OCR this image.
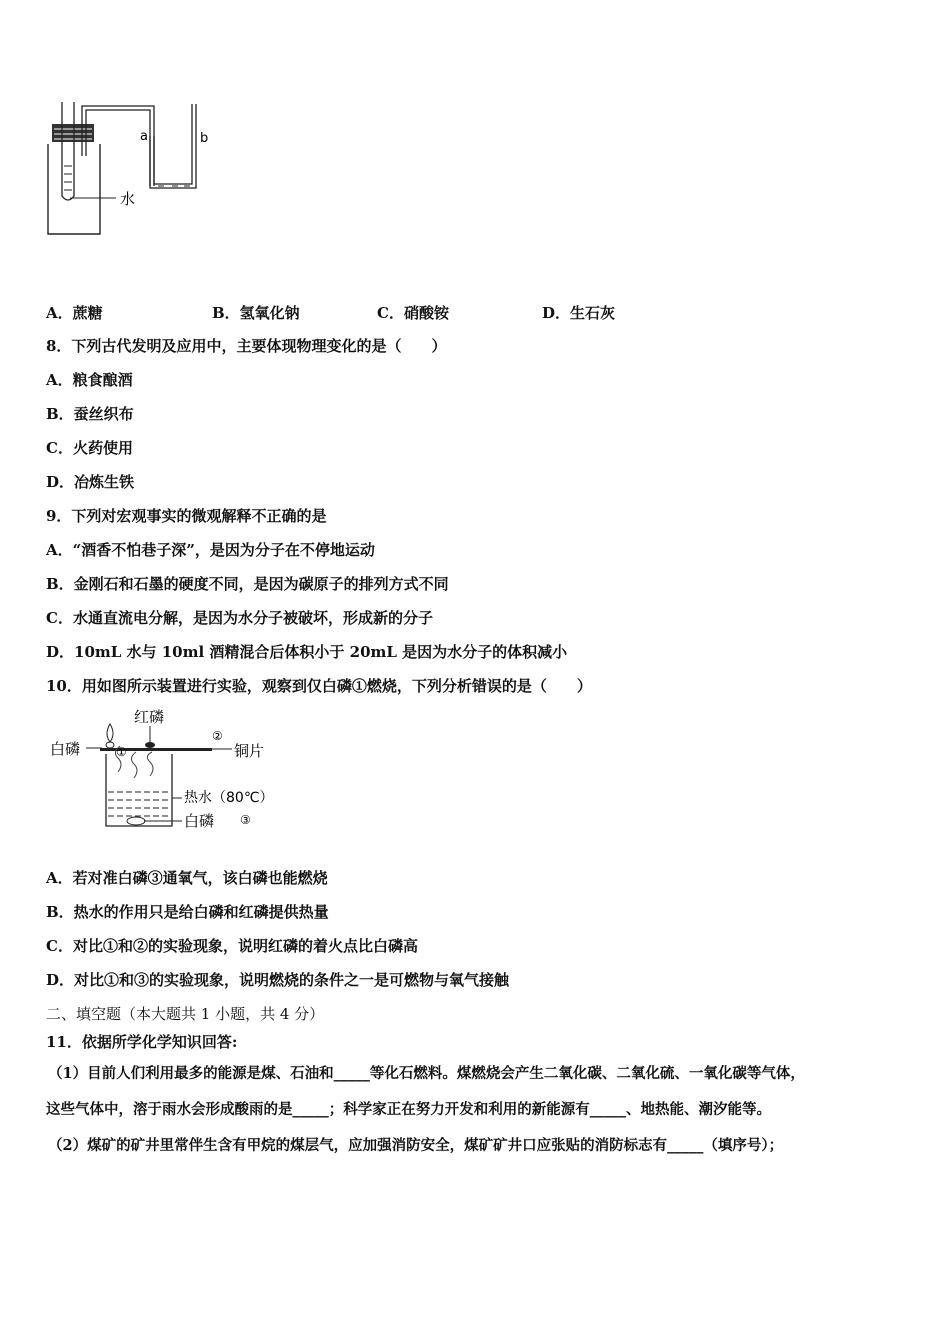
a	b
水
A．蔗糖	B．氢氧化钠	C．硝酸铵	D．生石灰
8．下列古代发明及应用中，主要体现物理变化的是（　　）
A．粮食酿酒
B．蚕丝织布
C．火药使用
D．冶炼生铁
9．下列对宏观事实的微观解释不正确的是
A．“酒香不怕巷子深”，是因为分子在不停地运动
B．金刚石和石墨的硬度不同，是因为碳原子的排列方式不同
C．水通直流电分解，是因为水分子被破坏，形成新的分子
D．10mL 水与 10ml 酒精混合后体积小于 20mL 是因为水分子的体积减小
10．用如图所示装置进行实验，观察到仅白磷①燃烧，下列分析错误的是（　　）
红磷
白磷	①
②
铜片
热水（80℃）
白磷 ③
A．若对准白磷③通氧气，该白磷也能燃烧
B．热水的作用只是给白磷和红磷提供热量
C．对比①和②的实验现象，说明红磷的着火点比白磷高
D．对比①和③的实验现象，说明燃烧的条件之一是可燃物与氧气接触
二、填空题（本大题共 1 小题，共 4 分）
11．依据所学化学知识回答:
（1）目前人们利用最多的能源是煤、石油和_____等化石燃料。煤燃烧会产生二氧化碳、二氧化硫、一氧化碳等气体，
这些气体中，溶于雨水会形成酸雨的是_____；科学家正在努力开发和利用的新能源有_____、地热能、潮汐能等。
（2）煤矿的矿井里常伴生含有甲烷的煤层气，应加强消防安全，煤矿矿井口应张贴的消防标志有_____（填序号）；
